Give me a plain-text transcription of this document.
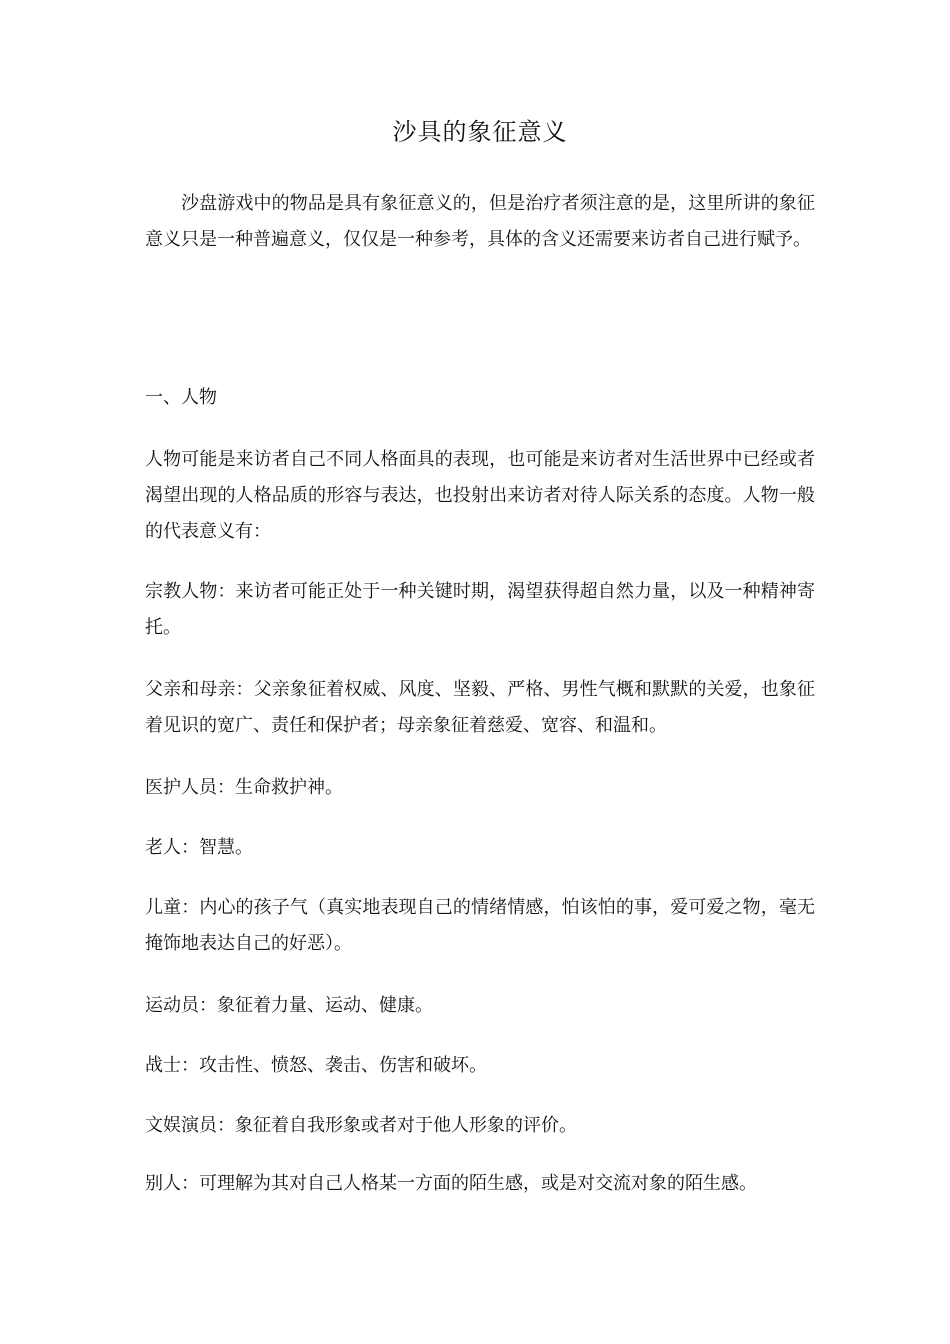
沙具的象征意义
沙盘游戏中的物品是具有象征意义的，但是治疗者须注意的是，这里所讲的象征意义只是一种普遍意义，仅仅是一种参考，具体的含义还需要来访者自己进行赋予。
一、人物
人物可能是来访者自己不同人格面具的表现，也可能是来访者对生活世界中已经或者渴望出现的人格品质的形容与表达，也投射出来访者对待人际关系的态度。人物一般的代表意义有：
宗教人物：来访者可能正处于一种关键时期，渴望获得超自然力量，以及一种精神寄托。
父亲和母亲：父亲象征着权威、风度、坚毅、严格、男性气概和默默的关爱，也象征着见识的宽广、责任和保护者；母亲象征着慈爱、宽容、和温和。
医护人员：生命救护神。
老人：智慧。
儿童：内心的孩子气（真实地表现自己的情绪情感，怕该怕的事，爱可爱之物，毫无掩饰地表达自己的好恶）。
运动员：象征着力量、运动、健康。
战士：攻击性、愤怒、袭击、伤害和破坏。
文娱演员：象征着自我形象或者对于他人形象的评价。
别人：可理解为其对自己人格某一方面的陌生感，或是对交流对象的陌生感。
